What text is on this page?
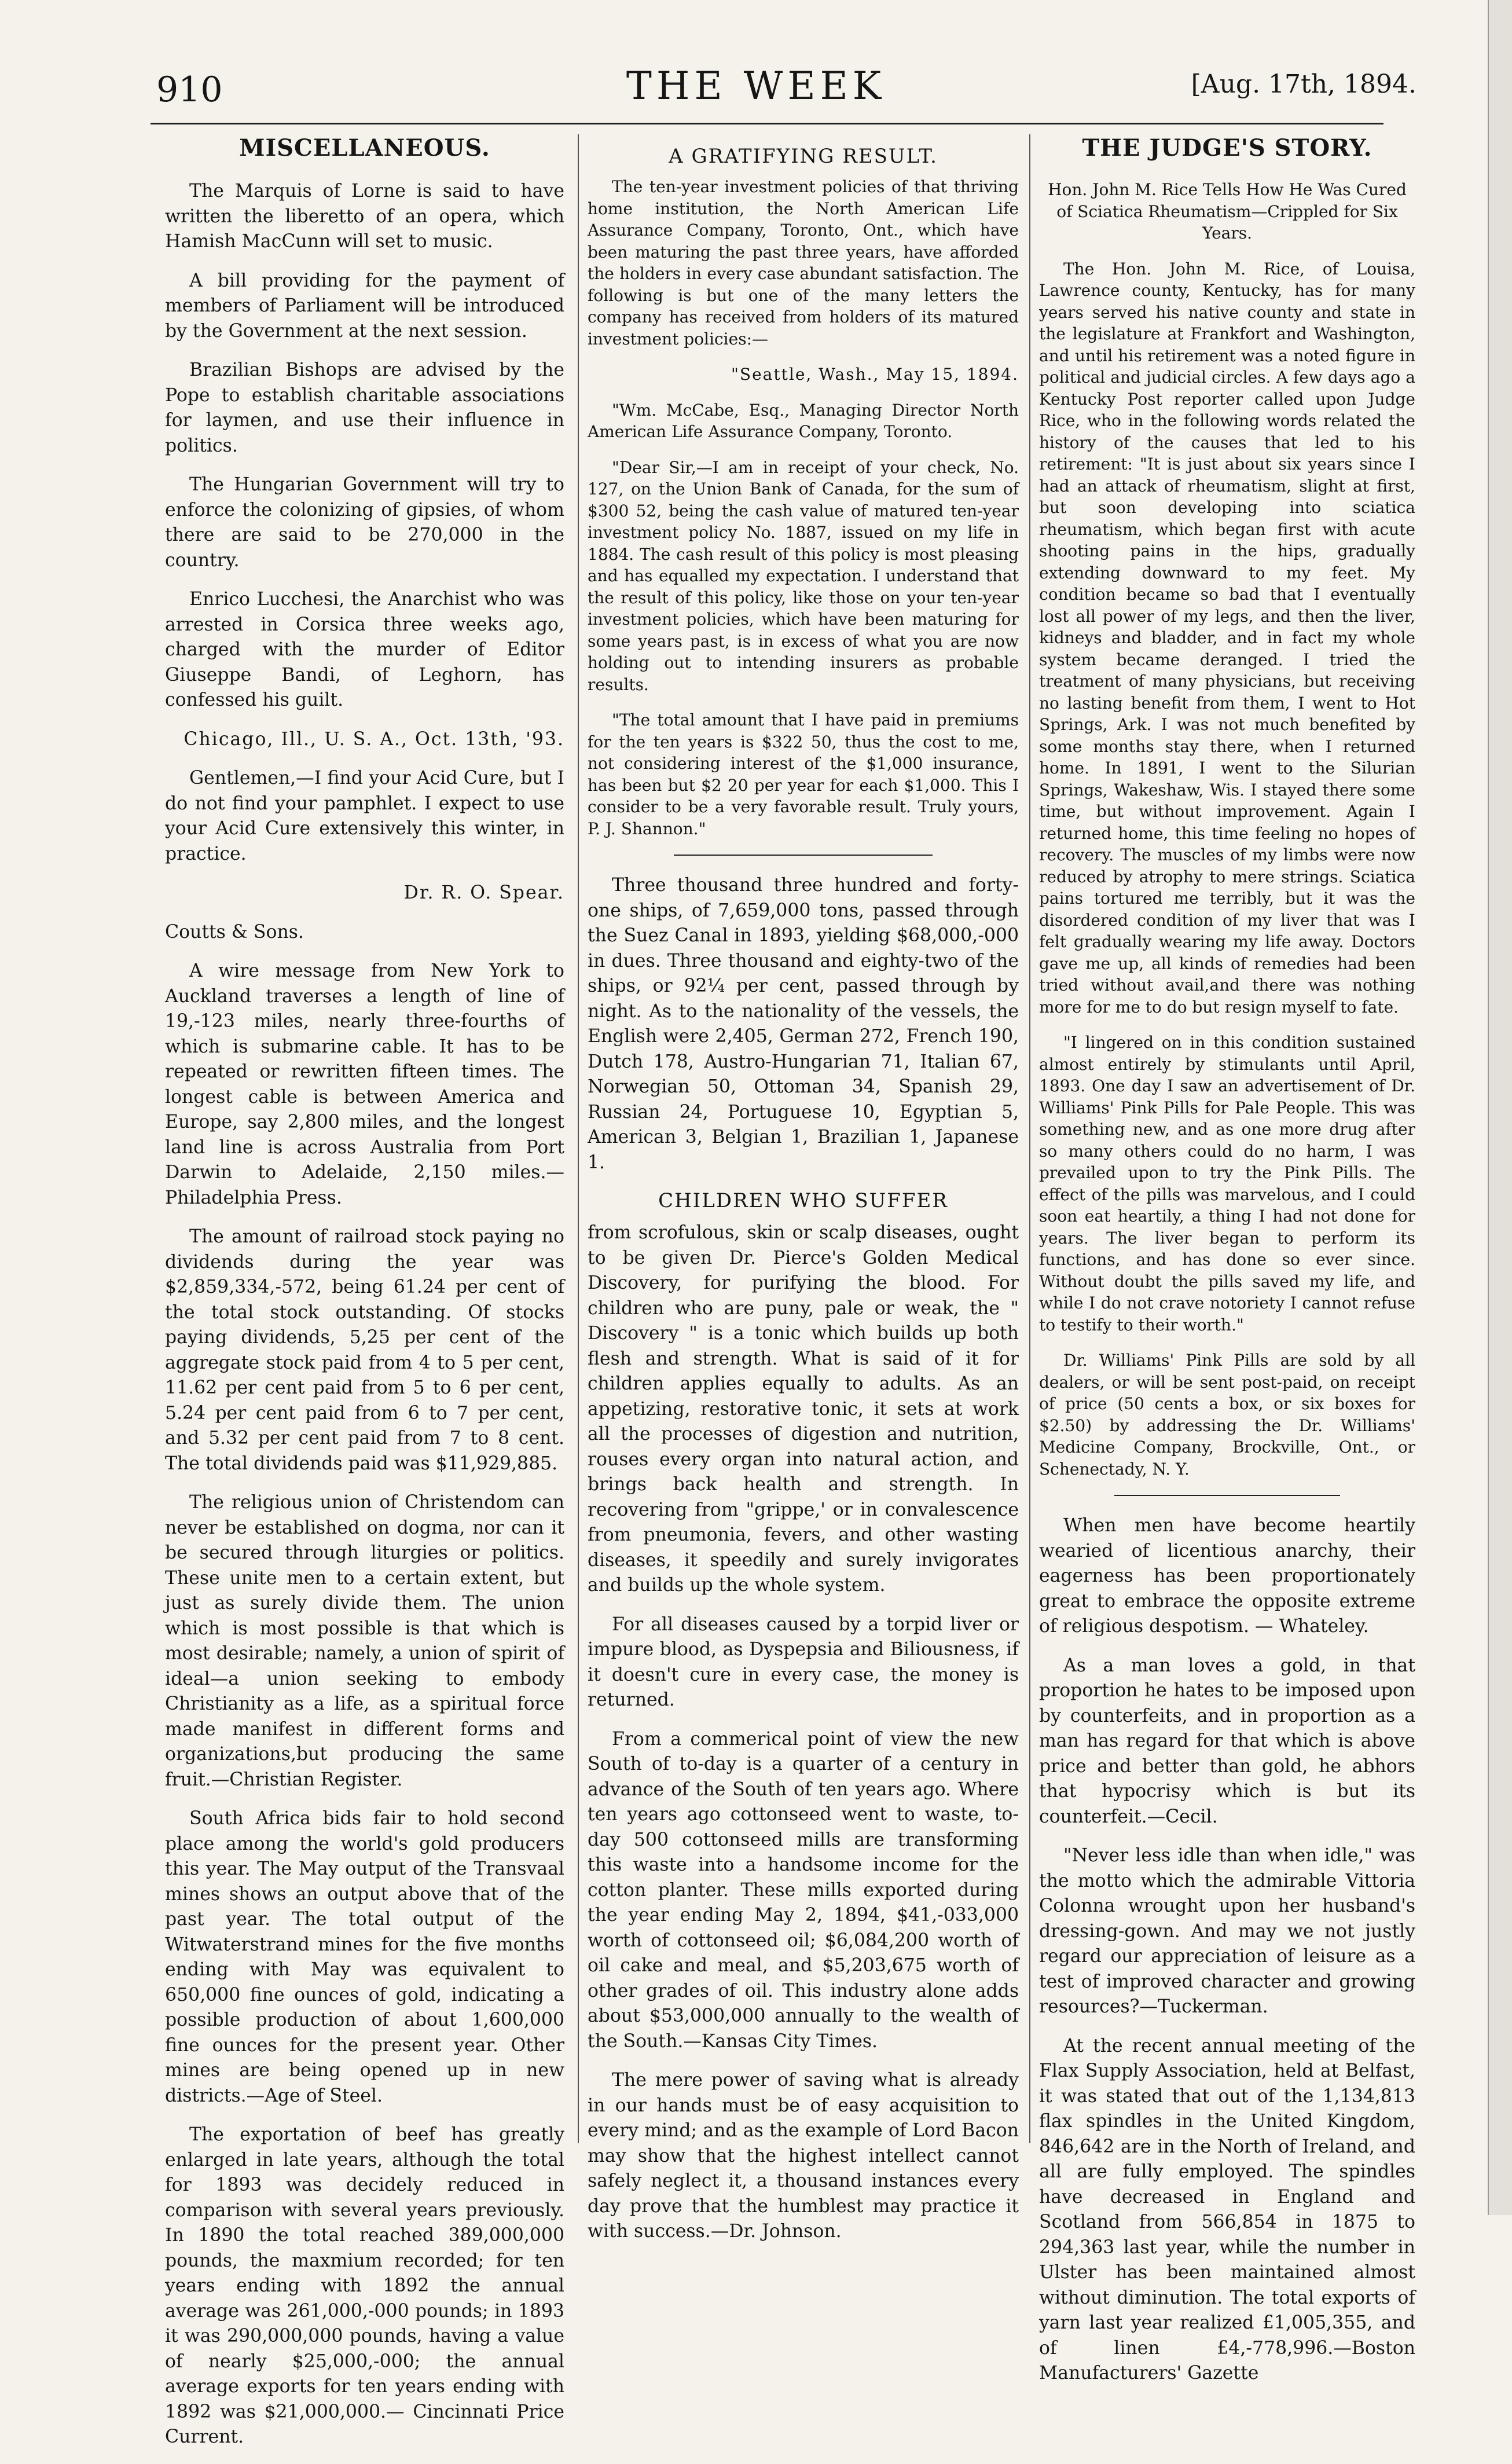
910	THE WEEK	[Aug. 17th, 1894.
MISCELLANEOUS.

The Marquis of Lorne is said to have written the liberetto of an opera, which Hamish MacCunn will set to music.

A bill providing for the payment of members of Parliament will be introduced by the Government at the next session.

Brazilian Bishops are advised by the Pope to establish charitable associations for laymen, and use their influence in politics.

The Hungarian Government will try to enforce the colonizing of gipsies, of whom there are said to be 270,000 in the country.

Enrico Lucchesi, the Anarchist who was arrested in Corsica three weeks ago, charged with the murder of Editor Giuseppe Bandi, of Leghorn, has confessed his guilt.

Chicago, Ill., U. S. A., Oct. 13th, '93.

Gentlemen,—I find your Acid Cure, but I do not find your pamphlet. I expect to use your Acid Cure extensively this winter, in practice.

Dr. R. O. Spear.

Coutts & Sons.

A wire message from New York to Auckland traverses a length of line of 19,-123 miles, nearly three-fourths of which is submarine cable. It has to be repeated or rewritten fifteen times. The longest cable is between America and Europe, say 2,800 miles, and the longest land line is across Australia from Port Darwin to Adelaide, 2,150 miles.—Philadelphia Press.

The amount of railroad stock paying no dividends during the year was $2,859,334,-572, being 61.24 per cent of the total stock outstanding. Of stocks paying dividends, 5,25 per cent of the aggregate stock paid from 4 to 5 per cent, 11.62 per cent paid from 5 to 6 per cent, 5.24 per cent paid from 6 to 7 per cent, and 5.32 per cent paid from 7 to 8 cent. The total dividends paid was $11,929,885.

The religious union of Christendom can never be established on dogma, nor can it be secured through liturgies or politics. These unite men to a certain extent, but just as surely divide them. The union which is most possible is that which is most desirable; namely, a union of spirit of ideal—a union seeking to embody Christianity as a life, as a spiritual force made manifest in different forms and organizations,but producing the same fruit.—Christian Register.

South Africa bids fair to hold second place among the world's gold producers this year. The May output of the Transvaal mines shows an output above that of the past year. The total output of the Witwaterstrand mines for the five months ending with May was equivalent to 650,000 fine ounces of gold, indicating a possible production of about 1,600,000 fine ounces for the present year. Other mines are being opened up in new districts.—Age of Steel.

The exportation of beef has greatly enlarged in late years, although the total for 1893 was decidely reduced in comparison with several years previously. In 1890 the total reached 389,000,000 pounds, the maxmium recorded; for ten years ending with 1892 the annual average was 261,000,-000 pounds; in 1893 it was 290,000,000 pounds, having a value of nearly $25,000,-000; the annual average exports for ten years ending with 1892 was $21,000,000.— Cincinnati Price Current.

A GRATIFYING RESULT.

The ten-year investment policies of that thriving home institution, the North American Life Assurance Company, Toronto, Ont., which have been maturing the past three years, have afforded the holders in every case abundant satisfaction. The following is but one of the many letters the company has received from holders of its matured investment policies:—

"Seattle, Wash., May 15, 1894.

"Wm. McCabe, Esq., Managing Director North American Life Assurance Company, Toronto.

"Dear Sir,—I am in receipt of your check, No. 127, on the Union Bank of Canada, for the sum of $300 52, being the cash value of matured ten-year investment policy No. 1887, issued on my life in 1884. The cash result of this policy is most pleasing and has equalled my expectation. I understand that the result of this policy, like those on your ten-year investment policies, which have been maturing for some years past, is in excess of what you are now holding out to intending insurers as probable results.

"The total amount that I have paid in premiums for the ten years is $322 50, thus the cost to me, not considering interest of the $1,000 insurance, has been but $2 20 per year for each $1,000. This I consider to be a very favorable result. Truly yours, P. J. Shannon."

Three thousand three hundred and forty-one ships, of 7,659,000 tons, passed through the Suez Canal in 1893, yielding $68,000,-000 in dues. Three thousand and eighty-two of the ships, or 92¼ per cent, passed through by night. As to the nationality of the vessels, the English were 2,405, German 272, French 190, Dutch 178, Austro-Hungarian 71, Italian 67, Norwegian 50, Ottoman 34, Spanish 29, Russian 24, Portuguese 10, Egyptian 5, American 3, Belgian 1, Brazilian 1, Japanese 1.

CHILDREN WHO SUFFER

from scrofulous, skin or scalp diseases, ought to be given Dr. Pierce's Golden Medical Discovery, for purifying the blood. For children who are puny, pale or weak, the " Discovery " is a tonic which builds up both flesh and strength. What is said of it for children applies equally to adults. As an appetizing, restorative tonic, it sets at work all the processes of digestion and nutrition, rouses every organ into natural action, and brings back health and strength. In recovering from "grippe,' or in convalescence from pneumonia, fevers, and other wasting diseases, it speedily and surely invigorates and builds up the whole system.

For all diseases caused by a torpid liver or impure blood, as Dyspepsia and Biliousness, if it doesn't cure in every case, the money is returned.

From a commerical point of view the new South of to-day is a quarter of a century in advance of the South of ten years ago. Where ten years ago cottonseed went to waste, to-day 500 cottonseed mills are transforming this waste into a handsome income for the cotton planter. These mills exported during the year ending May 2, 1894, $41,-033,000 worth of cottonseed oil; $6,084,200 worth of oil cake and meal, and $5,203,675 worth of other grades of oil. This industry alone adds about $53,000,000 annually to the wealth of the South.—Kansas City Times.

The mere power of saving what is already in our hands must be of easy acquisition to every mind; and as the example of Lord Bacon may show that the highest intellect cannot safely neglect it, a thousand instances every day prove that the humblest may practice it with success.—Dr. Johnson.

THE JUDGE'S STORY.

Hon. John M. Rice Tells How He Was Cured of Sciatica Rheumatism—Crippled for Six Years.

The Hon. John M. Rice, of Louisa, Lawrence county, Kentucky, has for many years served his native county and state in the legislature at Frankfort and Washington, and until his retirement was a noted figure in political and judicial circles. A few days ago a Kentucky Post reporter called upon Judge Rice, who in the following words related the history of the causes that led to his retirement: "It is just about six years since I had an attack of rheumatism, slight at first, but soon developing into sciatica rheumatism, which began first with acute shooting pains in the hips, gradually extending downward to my feet. My condition became so bad that I eventually lost all power of my legs, and then the liver, kidneys and bladder, and in fact my whole system became deranged. I tried the treatment of many physicians, but receiving no lasting benefit from them, I went to Hot Springs, Ark. I was not much benefited by some months stay there, when I returned home. In 1891, I went to the Silurian Springs, Wakeshaw, Wis. I stayed there some time, but without improvement. Again I returned home, this time feeling no hopes of recovery. The muscles of my limbs were now reduced by atrophy to mere strings. Sciatica pains tortured me terribly, but it was the disordered condition of my liver that was I felt gradually wearing my life away. Doctors gave me up, all kinds of remedies had been tried without avail,and there was nothing more for me to do but resign myself to fate.

"I lingered on in this condition sustained almost entirely by stimulants until April, 1893. One day I saw an advertisement of Dr. Williams' Pink Pills for Pale People. This was something new, and as one more drug after so many others could do no harm, I was prevailed upon to try the Pink Pills. The effect of the pills was marvelous, and I could soon eat heartily, a thing I had not done for years. The liver began to perform its functions, and has done so ever since. Without doubt the pills saved my life, and while I do not crave notoriety I cannot refuse to testify to their worth."

Dr. Williams' Pink Pills are sold by all dealers, or will be sent post-paid, on receipt of price (50 cents a box, or six boxes for $2.50) by addressing the Dr. Williams' Medicine Company, Brockville, Ont., or Schenectady, N. Y.

When men have become heartily wearied of licentious anarchy, their eagerness has been proportionately great to embrace the opposite extreme of religious despotism. — Whateley.

As a man loves a gold, in that proportion he hates to be imposed upon by counterfeits, and in proportion as a man has regard for that which is above price and better than gold, he abhors that hypocrisy which is but its counterfeit.—Cecil.

"Never less idle than when idle," was the motto which the admirable Vittoria Colonna wrought upon her husband's dressing-gown. And may we not justly regard our appreciation of leisure as a test of improved character and growing resources?—Tuckerman.

At the recent annual meeting of the Flax Supply Association, held at Belfast, it was stated that out of the 1,134,813 flax spindles in the United Kingdom, 846,642 are in the North of Ireland, and all are fully employed. The spindles have decreased in England and Scotland from 566,854 in 1875 to 294,363 last year, while the number in Ulster has been maintained almost without diminution. The total exports of yarn last year realized £1,005,355, and of linen £4,-778,996.—Boston Manufacturers' Gazette
